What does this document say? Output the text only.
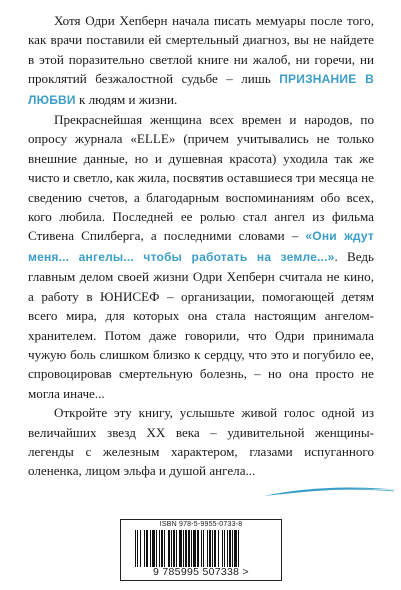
Хотя Одри Хепберн начала писать мемуары после того, как врачи поставили ей смертельный диагноз, вы не найдете в этой поразительно светлой книге ни жалоб, ни горечи, ни проклятий безжалостной судьбе – лишь ПРИЗНАНИЕ В ЛЮБВИ к людям и жизни.

Прекраснейшая женщина всех времен и народов, по опросу журнала «ELLE» (причем учитывались не только внешние данные, но и душевная красота) уходила так же чисто и светло, как жила, посвятив оставшиеся три месяца не сведению счетов, а благодарным воспоминаниям обо всех, кого любила. Последней ее ролью стал ангел из фильма Стивена Спилберга, а последними словами – «Они ждут меня... ангелы... чтобы работать на земле...». Ведь главным делом своей жизни Одри Хепберн считала не кино, а работу в ЮНИСЕФ – организации, помогающей детям всего мира, для которых она стала настоящим ангелом-хранителем. Потом даже говорили, что Одри принимала чужую боль слишком близко к сердцу, что это и погубило ее, спровоцировав смертельную болезнь, – но она просто не могла иначе...

Откройте эту книгу, услышьте живой голос одной из величайших звезд XX века – удивительной женщины-легенды с железным характером, глазами испуганного олененка, лицом эльфа и душой ангела...

ISBN 978-5-9955-0733-8
9 785995 507338 >
